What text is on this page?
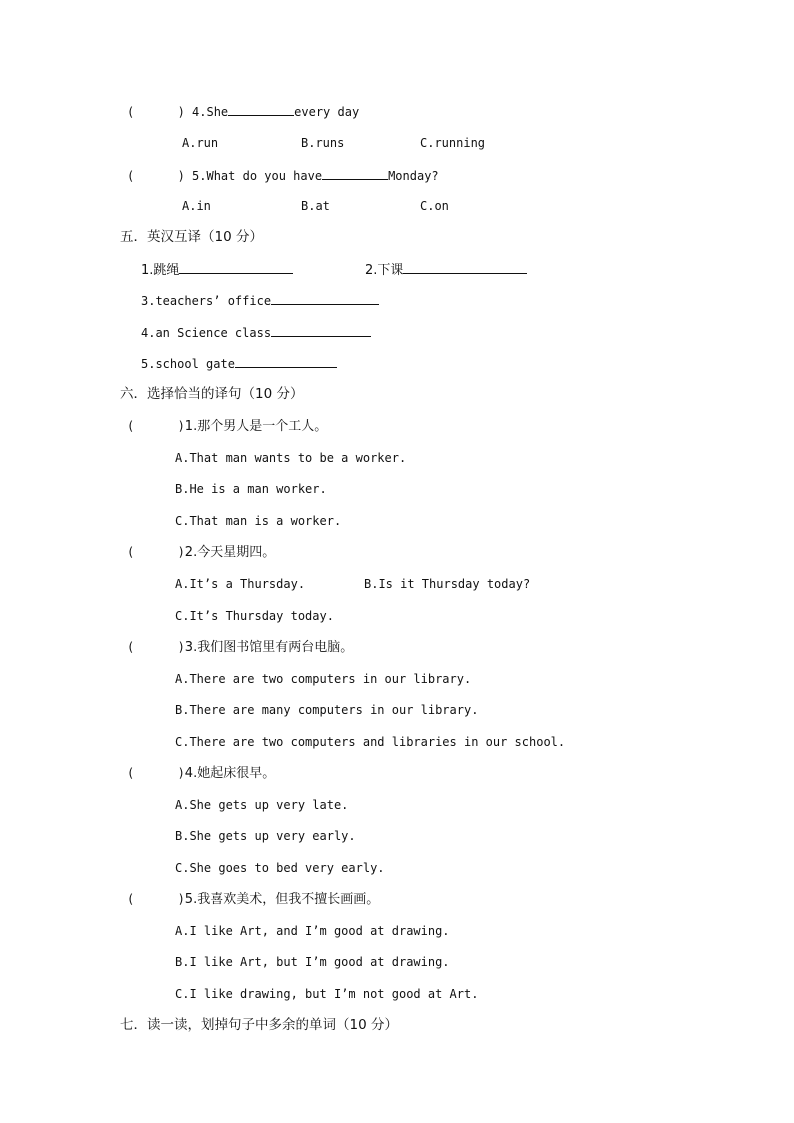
(      ) 4.She	every day
A.run	B.runs	C.running
(      ) 5.What do you have	Monday?
A.in	B.at	C.on
五．英汉互译（10 分）
1.跳绳	2.下课
3.teachers’ office
4.an Science class
5.school gate
六．选择恰当的译句（10 分）
(      )1.那个男人是一个工人。
A.That man wants to be a worker.
B.He is a man worker.
C.That man is a worker.
(      )2.今天星期四。
A.It’s a Thursday.	B.Is it Thursday today?
C.It’s Thursday today.
(      )3.我们图书馆里有两台电脑。
A.There are two computers in our library.
B.There are many computers in our library.
C.There are two computers and libraries in our school.
(      )4.她起床很早。
A.She gets up very late.
B.She gets up very early.
C.She goes to bed very early.
(      )5.我喜欢美术，但我不擅长画画。
A.I like Art, and I’m good at drawing.
B.I like Art, but I’m good at drawing.
C.I like drawing, but I’m not good at Art.
七．读一读，划掉句子中多余的单词（10 分）
